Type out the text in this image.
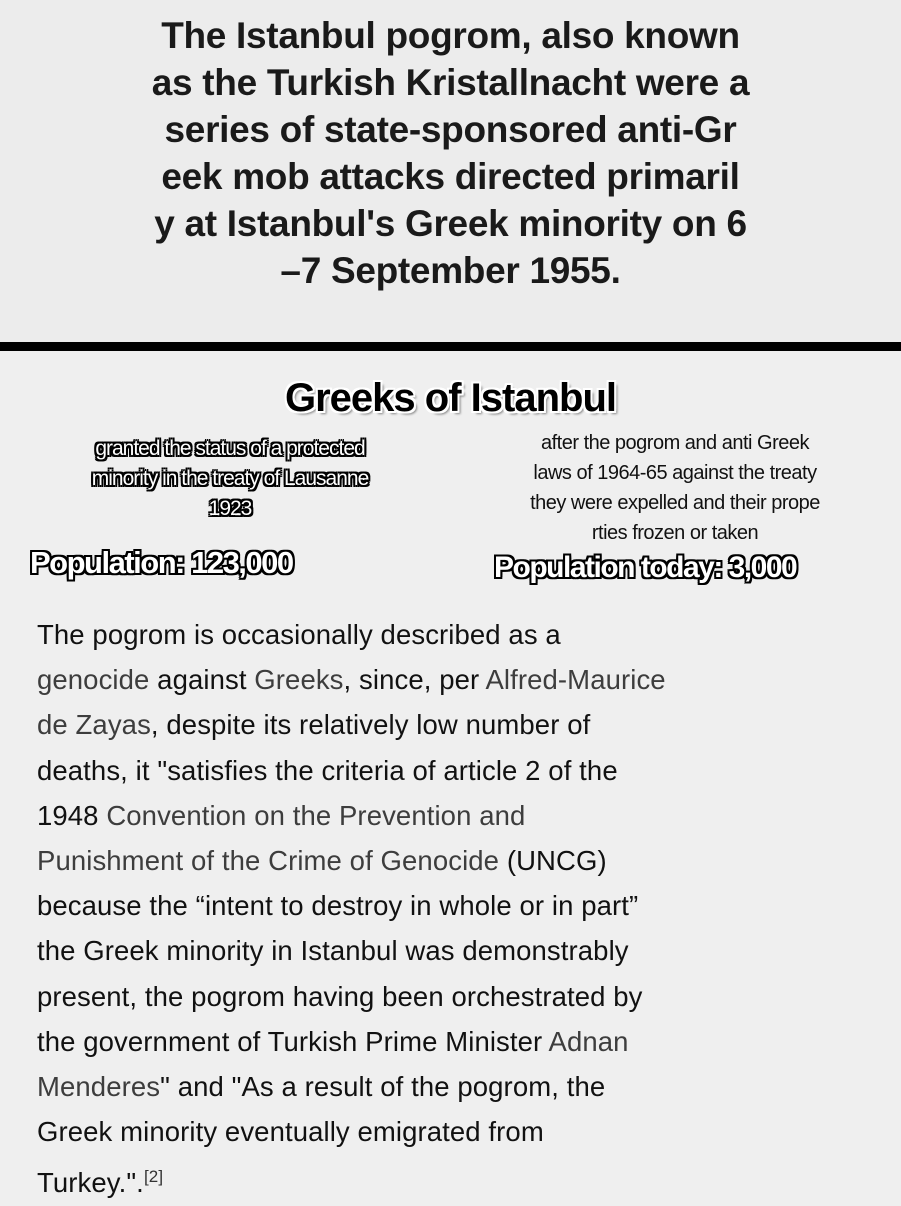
The Istanbul pogrom, also known
as the Turkish Kristallnacht were a
series of state-sponsored anti-Gr
eek mob attacks directed primaril
y at Istanbul's Greek minority on 6
–7 September 1955.
Greeks of Istanbul
granted the status of a protected
minority in the treaty of Lausanne
1923
after the pogrom and anti Greek
laws of 1964-65 against the treaty
they were expelled and their prope
rties frozen or taken
Population: 123,000	Population today: 3,000
The pogrom is occasionally described as a
genocide against Greeks, since, per Alfred-Maurice
de Zayas, despite its relatively low number of
deaths, it "satisfies the criteria of article 2 of the
1948 Convention on the Prevention and
Punishment of the Crime of Genocide (UNCG)
because the “intent to destroy in whole or in part”
the Greek minority in Istanbul was demonstrably
present, the pogrom having been orchestrated by
the government of Turkish Prime Minister Adnan
Menderes" and "As a result of the pogrom, the
Greek minority eventually emigrated from
Turkey.".[2]
